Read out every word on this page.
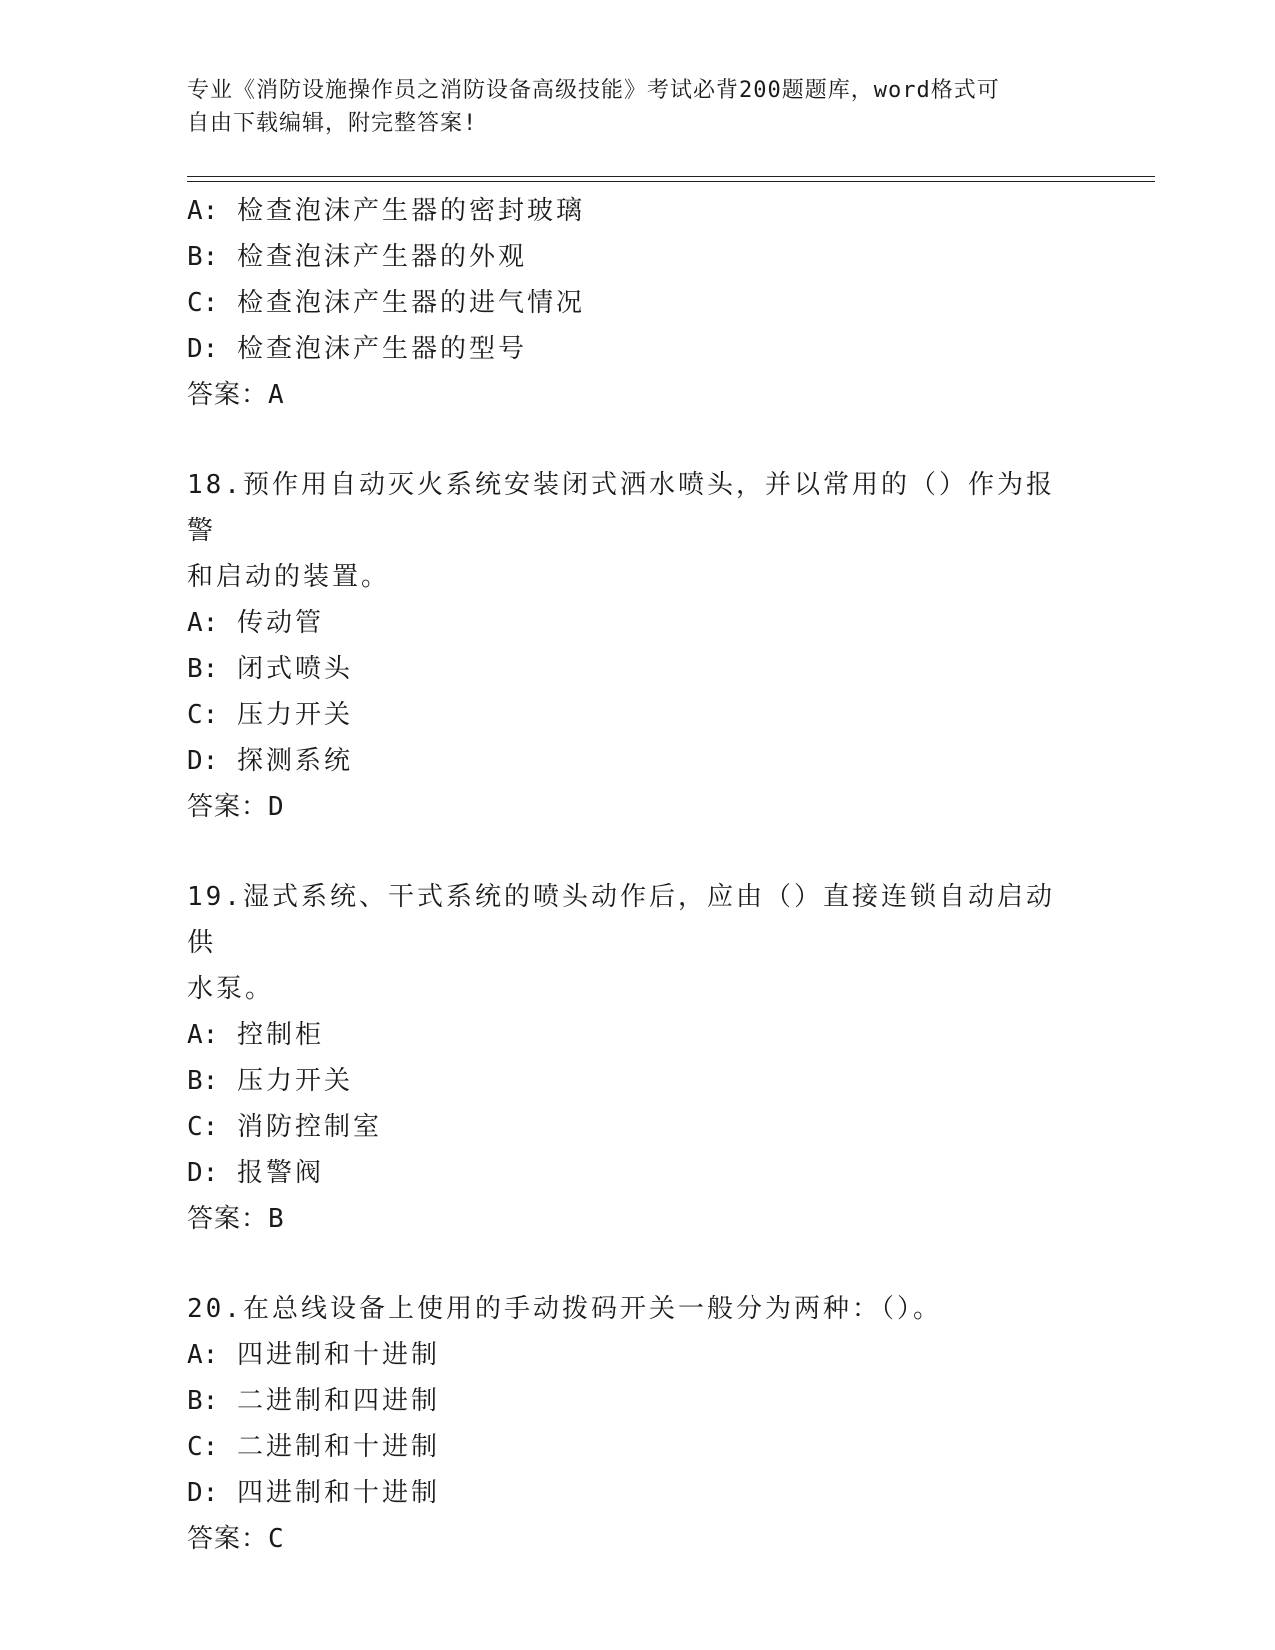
专业《消防设施操作员之消防设备高级技能》考试必背200题题库，word格式可
自由下载编辑，附完整答案!
A: 检查泡沫产生器的密封玻璃
B: 检查泡沫产生器的外观
C: 检查泡沫产生器的进气情况
D: 检查泡沫产生器的型号
答案：A
18.预作用自动灭火系统安装闭式洒水喷头，并以常用的（）作为报警
和启动的装置。
A: 传动管
B: 闭式喷头
C: 压力开关
D: 探测系统
答案：D
19.湿式系统、干式系统的喷头动作后，应由（）直接连锁自动启动供
水泵。
A: 控制柜
B: 压力开关
C: 消防控制室
D: 报警阀
答案：B
20.在总线设备上使用的手动拨码开关一般分为两种：（）。
A: 四进制和十进制
B: 二进制和四进制
C: 二进制和十进制
D: 四进制和十进制
答案：C
